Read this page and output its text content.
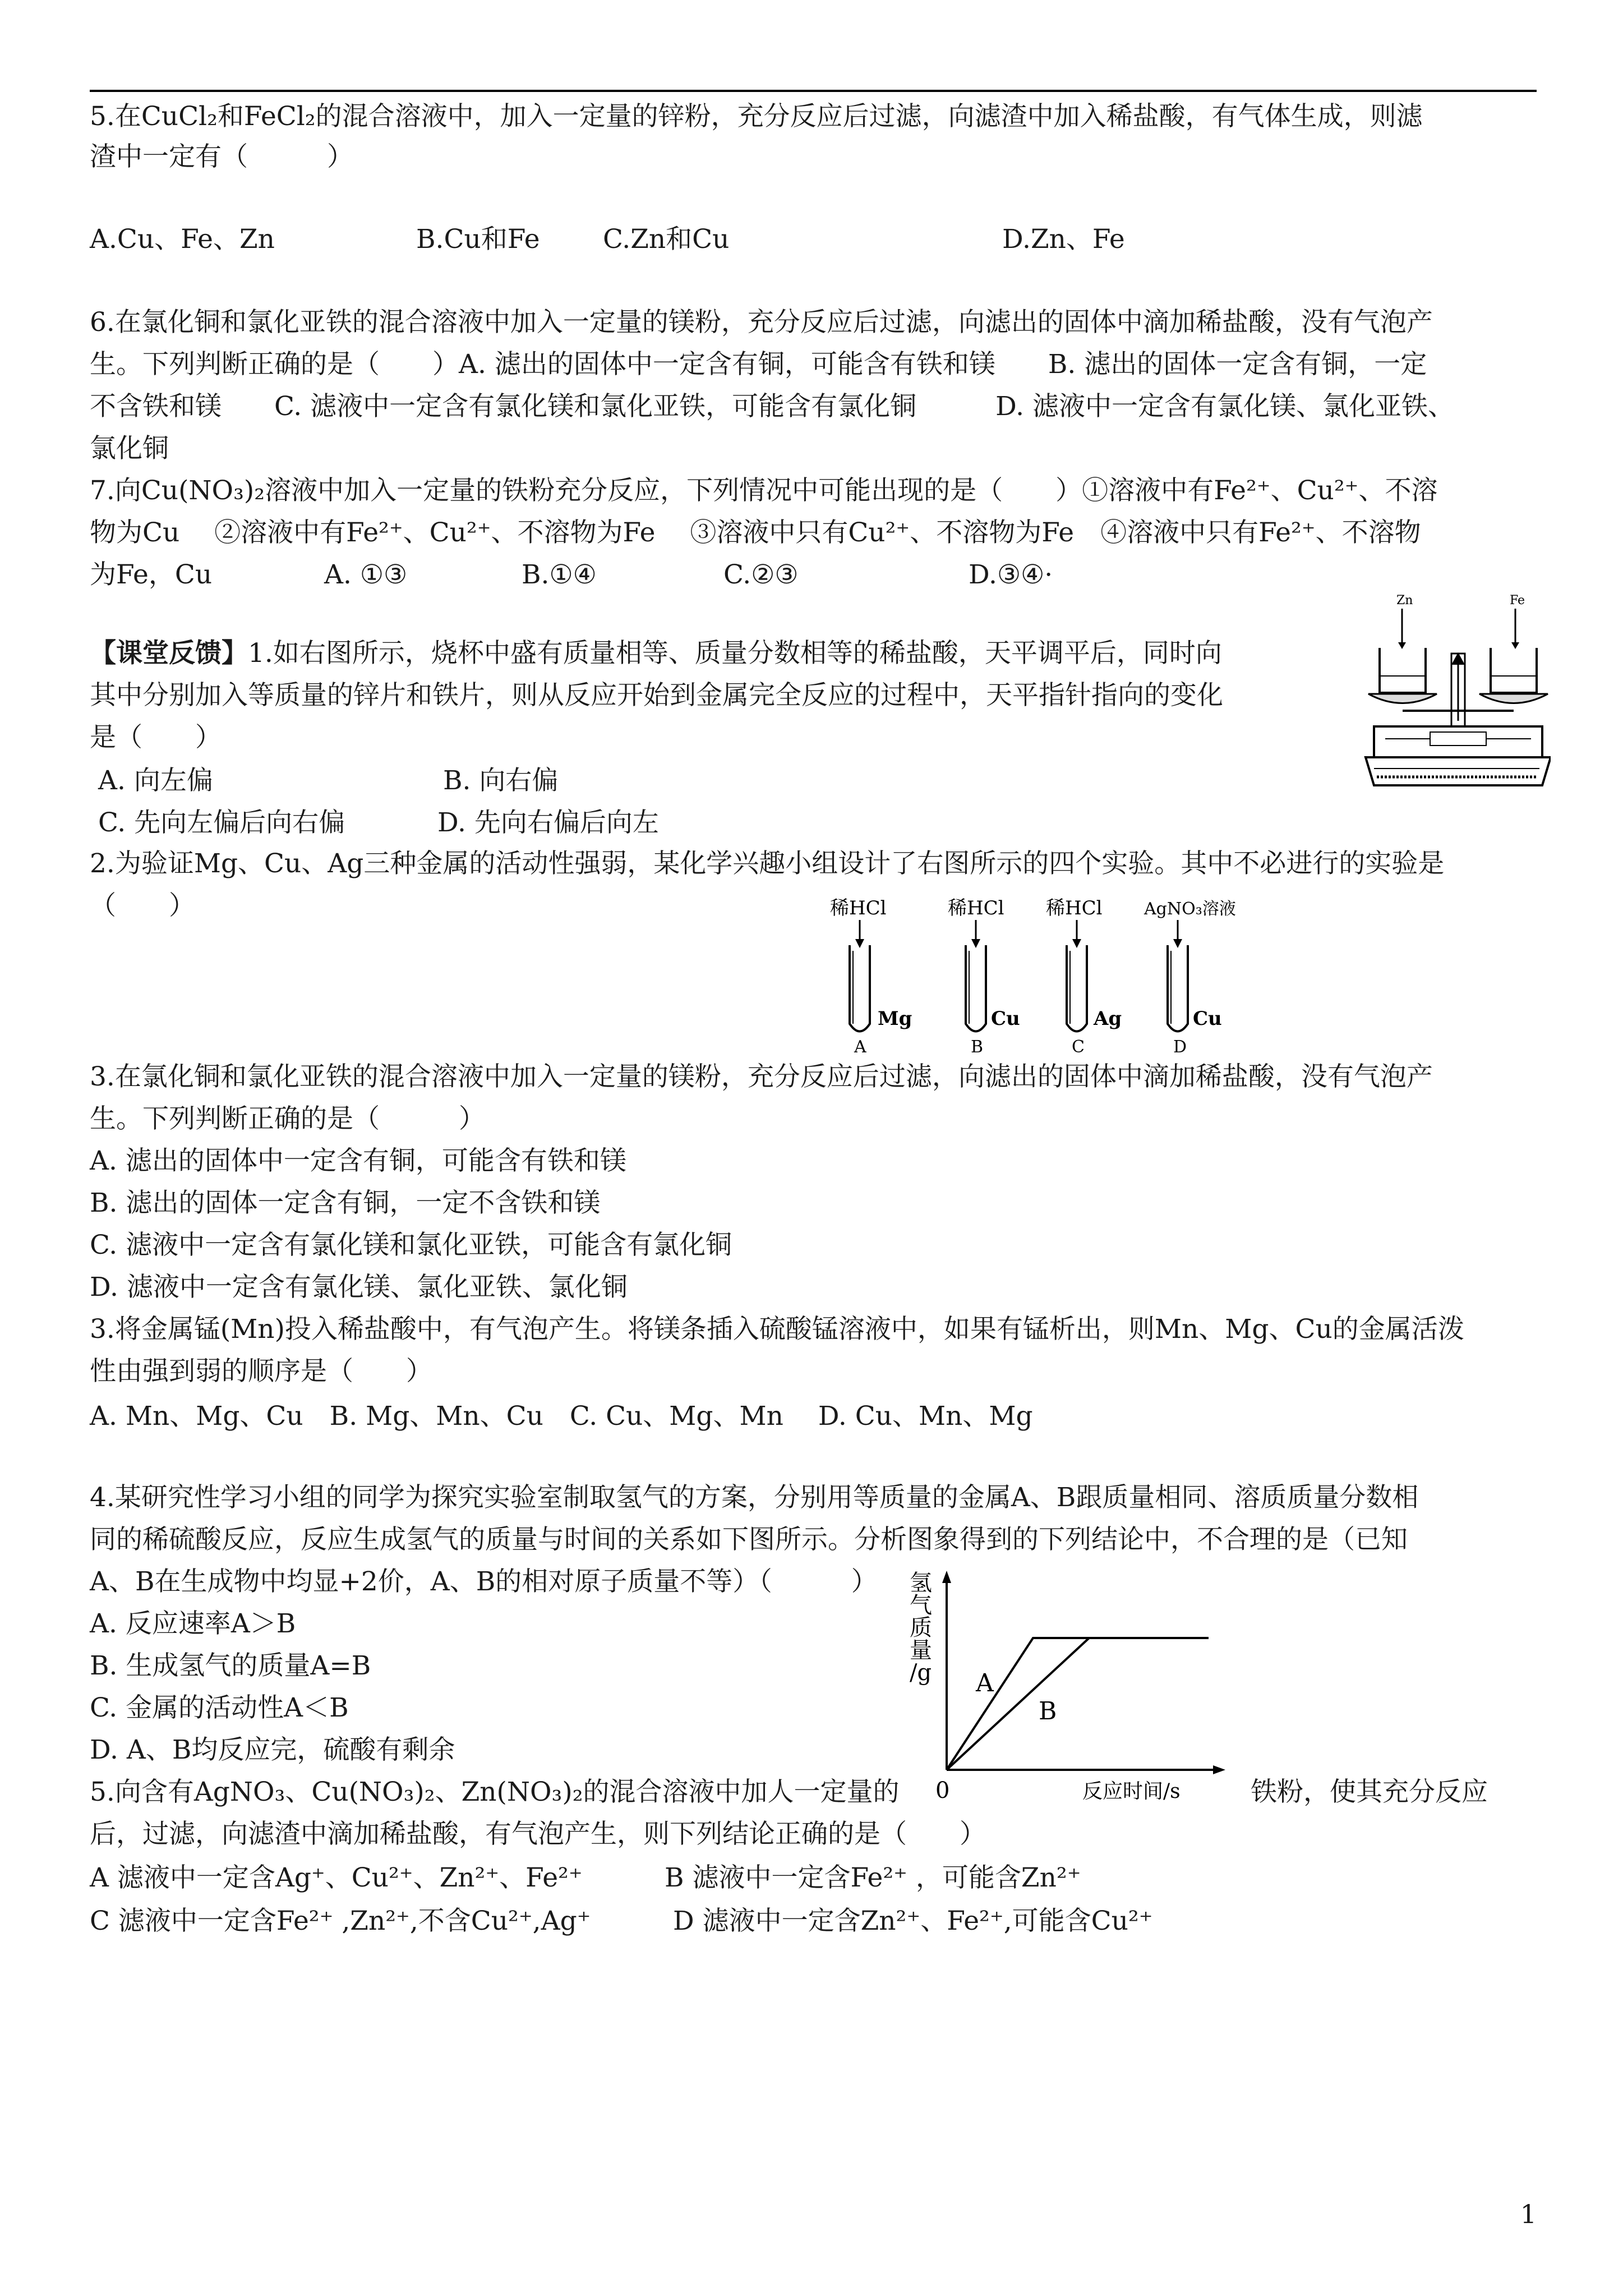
5.在CuCl₂和FeCl₂的混合溶液中，加入一定量的锌粉，充分反应后过滤，向滤渣中加入稀盐酸，有气体生成，则滤
渣中一定有（　　　）
A.Cu、Fe、Zn	B.Cu和Fe C.Zn和Cu	D.Zn、Fe
6.在氯化铜和氯化亚铁的混合溶液中加入一定量的镁粉，充分反应后过滤，向滤出的固体中滴加稀盐酸，没有气泡产
生。下列判断正确的是（　　）A. 滤出的固体中一定含有铜，可能含有铁和镁　　B. 滤出的固体一定含有铜，一定
不含铁和镁　　C. 滤液中一定含有氯化镁和氯化亚铁，可能含有氯化铜　　　D. 滤液中一定含有氯化镁、氯化亚铁、
氯化铜
7.向Cu(NO₃)₂溶液中加入一定量的铁粉充分反应，下列情况中可能出现的是（　　）①溶液中有Fe²⁺、Cu²⁺、不溶
物为Cu　 ②溶液中有Fe²⁺、Cu²⁺、不溶物为Fe　 ③溶液中只有Cu²⁺、不溶物为Fe　④溶液中只有Fe²⁺、不溶物
为Fe，Cu	A. ①③	B.①④	C.②③	D.③④·
【课堂反馈】1.如右图所示，烧杯中盛有质量相等、质量分数相等的稀盐酸，天平调平后，同时向
其中分别加入等质量的锌片和铁片，则从反应开始到金属完全反应的过程中，天平指针指向的变化
是（　　）
A. 向左偏	B. 向右偏
C. 先向左偏后向右偏	D. 先向右偏后向左
Zn	Fe
2.为验证Mg、Cu、Ag三种金属的活动性强弱，某化学兴趣小组设计了右图所示的四个实验。其中不必进行的实验是
（　　）	稀HCl
Mg
A
稀HCl
Cu
B
稀HCl
Ag
C
AgNO₃溶液
Cu
D
3.在氯化铜和氯化亚铁的混合溶液中加入一定量的镁粉，充分反应后过滤，向滤出的固体中滴加稀盐酸，没有气泡产
生。下列判断正确的是（　　　）
A. 滤出的固体中一定含有铜，可能含有铁和镁
B. 滤出的固体一定含有铜，一定不含铁和镁
C. 滤液中一定含有氯化镁和氯化亚铁，可能含有氯化铜
D. 滤液中一定含有氯化镁、氯化亚铁、氯化铜
3.将金属锰(Mn)投入稀盐酸中，有气泡产生。将镁条插入硫酸锰溶液中，如果有锰析出，则Mn、Mg、Cu的金属活泼
性由强到弱的顺序是（　　）
A. Mn、Mg、Cu　B. Mg、Mn、Cu　C. Cu、Mg、Mn　 D. Cu、Mn、Mg
4.某研究性学习小组的同学为探究实验室制取氢气的方案，分别用等质量的金属A、B跟质量相同、溶质质量分数相
同的稀硫酸反应，反应生成氢气的质量与时间的关系如下图所示。分析图象得到的下列结论中，不合理的是（已知
A、B在生成物中均显+2价，A、B的相对原子质量不等）（　　　）
A. 反应速率A＞B
B. 生成氢气的质量A=B
C. 金属的活动性A＜B
D. A、B均反应完，硫酸有剩余
氢气质量/g A
B
0	反应时间/s
5.向含有AgNO₃、Cu(NO₃)₂、Zn(NO₃)₂的混合溶液中加人一定量的	铁粉，使其充分反应
后，过滤，向滤渣中滴加稀盐酸，有气泡产生，则下列结论正确的是（　　）
A 滤液中一定含Ag⁺、Cu²⁺、Zn²⁺、Fe²⁺	B 滤液中一定含Fe²⁺ ，可能含Zn²⁺
C 滤液中一定含Fe²⁺ ,Zn²⁺,不含Cu²⁺,Ag⁺	D 滤液中一定含Zn²⁺、Fe²⁺,可能含Cu²⁺
1
